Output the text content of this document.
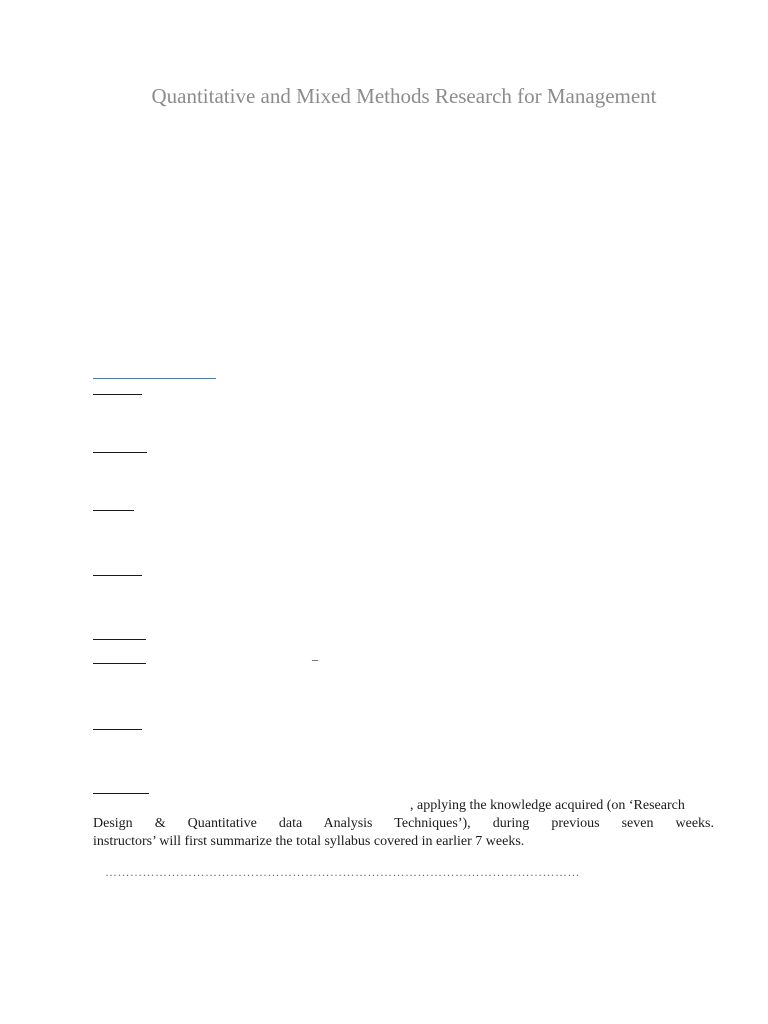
Quantitative and Mixed Methods Research for Management
_
, applying the knowledge acquired (on ‘Research
Design & Quantitative data Analysis Techniques’), during previous seven weeks.
instructors’ will first summarize the total syllabus covered in earlier 7 weeks.
……………………………………………………………………………………………………
